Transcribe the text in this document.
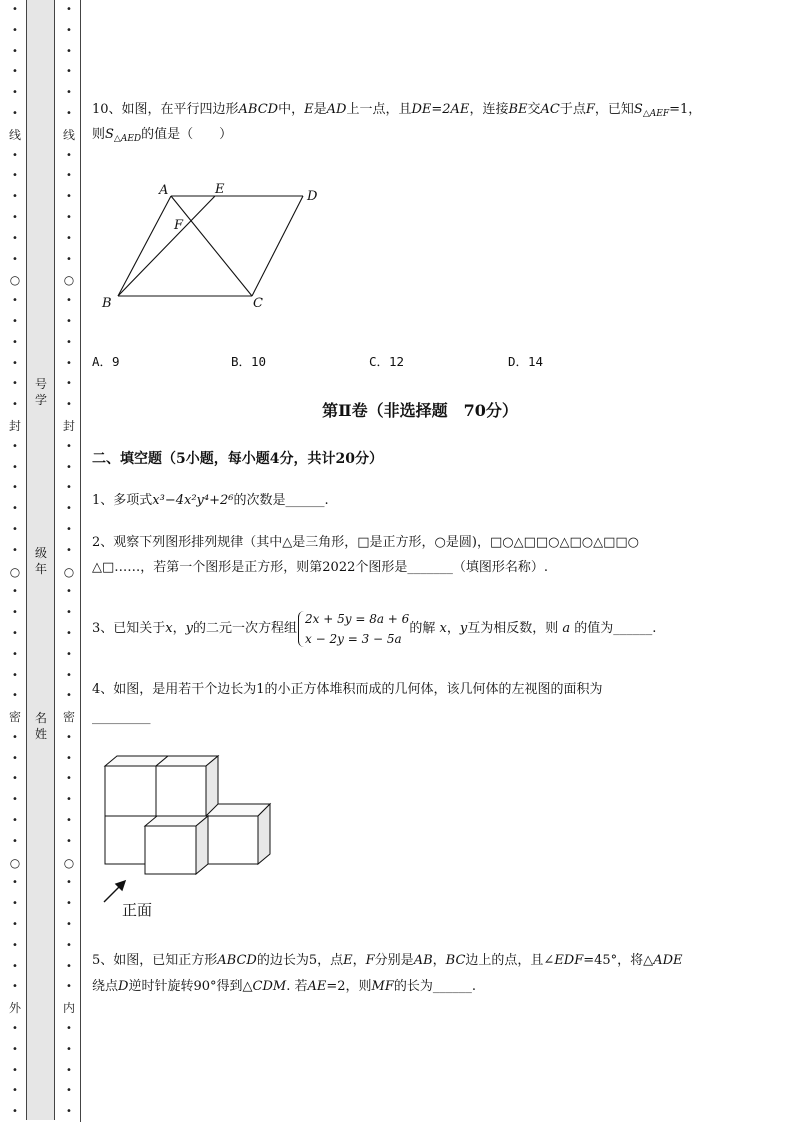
•
•
•
•
•
•
线
•
•
•
•
•
•
○
•
•
•
•
•
•
封
•
•
•
•
•
•
○
•
•
•
•
•
•
密
•
•
•
•
•
•
○
•
•
•
•
•
•
外
•
•
•
•
•
•
•
•
•
•
•
线
•
•
•
•
•
•
○
•
•
•
•
•
•
封
•
•
•
•
•
•
○
•
•
•
•
•
•
密
•
•
•
•
•
•
○
•
•
•
•
•
•
内
•
•
•
•
•
号
学
级
年
名
姓
10、如图，在平行四边形ABCD中，E是AD上一点，且DE=2AE，连接BE交AC于点F，已知$S_{\triangle AEF}=1$，
则$S_{\triangle AED}$的值是（　　）
A	E	D
F
B	C
A．9	B．10	C．12	D．14
第Ⅱ卷（非选择题　70分）
二、填空题（5小题，每小题4分，共计20分）
1、多项式x³−4x²y⁴+2⁶的次数是______.
2、观察下列图形排列规律（其中△是三角形，□是正方形，○是圆)，□○△□□○△□○△□□○
△□……，若第一个图形是正方形，则第2022个图形是_______（填图形名称）.
3、已知关于x，y的二元一次方程组
2x + 5y = 8a + 6
x − 2y = 3 − 5a
的解 x，y互为相反数，则 a 的值为______.
4、如图，是用若干个边长为1的小正方体堆积而成的几何体，该几何体的左视图的面积为
_________
正面
5、如图，已知正方形ABCD的边长为5，点E，F分别是AB，BC边上的点，且∠EDF=45°，将△ADE
绕点D逆时针旋转90°得到△CDM. 若AE=2，则MF的长为______.
